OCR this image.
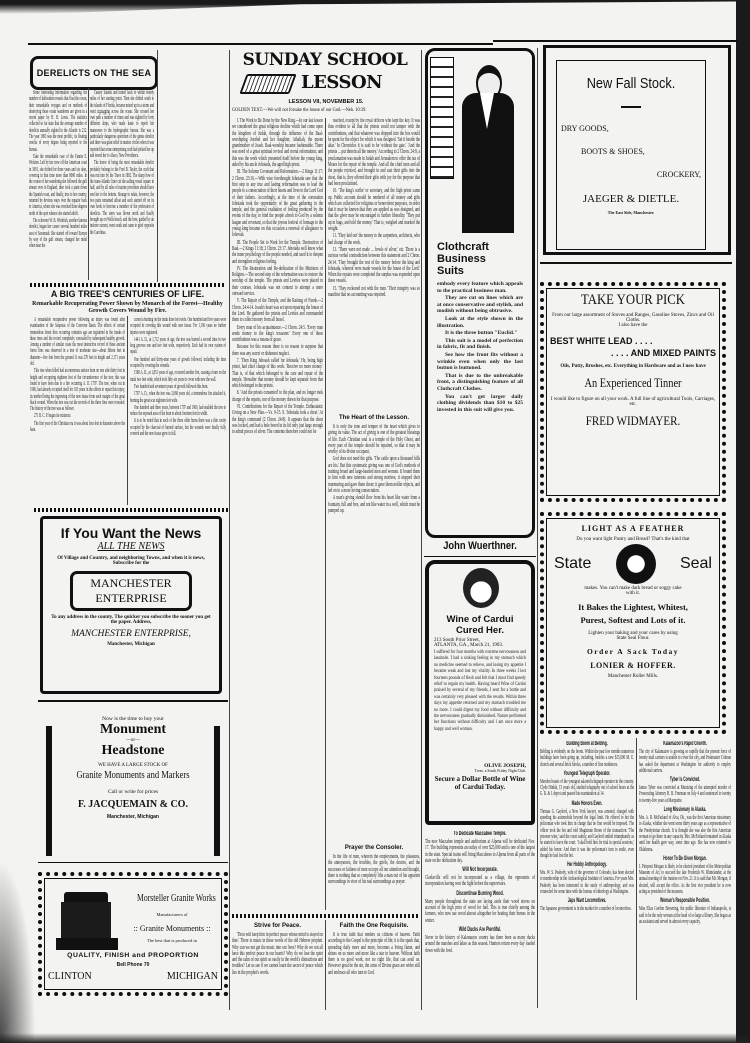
DERELICTS ON THE SEA

Some interesting information regarding the number of halfsunken vessels that float the ocean, their remarkable voyages and on methods of destroying these ocean wanderers are given in a recent paper by H. H. Lewis. The statistics collected so far state that the average number of derelicts annually sighted in the Atlantic is 232. The year 1893 was the most prolific, its floating wrecks of every degree being reported to the bureau.

Take the remarkable case of the Fannie E. Wolston. Left by her crew off the American coast in 1891, she drifted for three years and six days, covering in that time more than 8000 miles. In the course of her wandering she followed the gulf stream over to England, then took a jaunt down the Spanish coast, and finally, true to her country, returned by devious ways over the equator back to America, where she was wrecked three degrees north of the spot whence she started adrift.

The schooner W. B. Wimbish, another famous derelict, began her career several hundred miles east of Savannah. She started off toward Europe by way of the gulf stream, changed her mind when near the

Canary Islands and turned back to within twenty miles of her starting point. Then she drifted south to the islands of Florida, became mixed up in a storm and went zigzagging across the ocean. She crossed her own path a number of times and was sighted by forty different ships, who made haste to report her maneuvers to the hydrographic bureau. She was a particularly dangerous specimen of the genus derelict and there was great relief in marine circles when it was reported that some enterprising craft had picked her up and towed her to Ahaco, New Providence.

The honor of being the most remarkable derelict probably belongs to the Fred B. Taylor, the craft that was run into by the Trave in 1892. The sharp bow of the trans-Atlantic liner cut the sailing vessel square in half, and by all rules of marine procedure should have sent her to the bottom. Strange to relate, however, the two parts remained afloat and each started off on its own hook to become a member of the profession of derelicts. The stern was blown north and finally brought up on Wells beach, and the bow, guided by an inshore current, went south and came to grief opposite the Carolinas.

A BIG TREE'S CENTURIES OF LIFE.
Remarkable Recuperating Power Shown by Monarch of the Forest—Healthy Growth Covers Wound by Fire.

A remarkable recuperative power following an injury was found after examination of the Sequoias of the Converse Basin. The effects of certain tremendous forest fires occurring centuries ago are registered in the trunks of these trees and the record completely concealed by subsequent healthy growth. Among a number of similar cases the most instructive record of these ancient forest fires was observed in a tree of moderate size—about fifteen feet in diameter—five feet from the ground. It was 270 feet in height and 2,171 years old.

This tree when felled had an enormous surface burn on one side thirty feet in height and occupying eighteen feet of the circumference of the tree; this was found to have been due to a fire occurring A. D. 1797. The tree, when cut in 1900, had already occupied itself for 103 years in the efforts to repair this injury, its method being the ingrowing of the new tissue from each margin of the great black wound. When the tree was cut the records of the three fires were revealed. The history of the tree was as follows:

271 B. C. P. began its existence.

The first year of the Christian era it was about four feet in diameter above the base.

curred a burning on the trunk three feet wide. One hundred and five years were occupied in covering this wound with new tissue. For 1,196 years no further injuries were registered.

1441 A. D., at 1,712 years of age, the tree was burned a second time in two long grooves one and two feet wide, respectively. Each had its own system of repair.

One hundred and thirty-nine years of growth followed, including the time occupied by covering the wounds.

1580 A. D., at 1,851 years of age, occurred another fire, causing a burn on the trunk two feet wide, which took fifty-six years to cover with new the wall.

Two hundred and seventeen years of growth followed this burn.

1797 A. D., when the tree was 2,068 years old, a tremendous fire attacked it, burning the great scar eighteen feet wide.

One hundred and three years, between 1797 and 1900, had enabled the tree to reduce the exposed area of the burn to about fourteen feet in width.

It is to be noted that in each of the three older burns there was a thin cavity occupied by the charcoal of burned surface, but the wounds were finally fully covered and the new tissue grew in full.

If You Want the News
ALL THE NEWS
Of Village and Country, and neighboring Towns, and when it is news,
Subscribe for the
MANCHESTER
ENTERPRISE
To any address in the county. The quicker you subscribe the sooner you get the paper. Address,
MANCHESTER ENTERPRISE,
Manchester, Michigan
Now is the time to buy your
Monument
—or—
Headstone
WE HAVE A LARGE STOCK OF
Granite Monuments and Markers
Call or write for prices
F. JACQUEMAIN & CO.
Manchester, Michigan
Morsteller Granite Works
Manufacturers of
:: Granite Monuments ::
The best that is produced in
QUALITY, FINISH and PROPORTION
Bell Phone 70
CLINTON	MICHIGAN
SUNDAY SCHOOL
LESSON
LESSON VII, NOVEMBER 15.
GOLDEN TEXT.—We will not forsake the house of our God.—Neh. 10:39.

I. The Work to Be Done by the New King.—In our last lesson we considered the great religious decline which had come upon the kingdom of Judah, through the influence of the Baal-worshiping Jezebel and her daughter, Athaliah, the queen grandmother of Joash. Baal-worship became fashionable. There was need of a great spiritual revival and moral reformation; and this was the work which presented itself before the young king, aided by his uncle Jehoiada, the aged high priest.

III. The Solemn Covenant and Reformation.—2 Kings 11:17; 2 Chron. 23:16.—With wise forethought Jehoiada saw that the first step to any true and lasting reformation was to lead the people to a consecration of their hearts and lives to the Lord God of their fathers. Accordingly, at the time of the coronation Jehoiada took the opportunity of the great gathering in the temple, and the general exaltation of feeling produced by the events of the day, to bind the people afresh to God by a solemn league and covenant, so that the joyous festival of homage to the young king became on this occasion a renewal of allegiance to Jehovah.

III. The People Set to Work for the Temple. Destruction of Baal.—2 Kings 11:18; 2 Chron. 23:17. Jehoiada well knew what the inner psychology of the people needed, and used it to deepen and strengthen religious feeling.

IV. The Restoration and Re-dedication of the Ministers of Religion.—The second step of the reformation was to restore the worship of the temple. The priests and Levites were placed in their courses. Jehoiada was not content to attempt a mere outward service.

V. The Repair of the Temple, and the Raising of Funds.—2 Chron. 24:4-14. Joash's heart was set upon repairing the house of the Lord. He gathered the priests and Levites and commanded them to collect money from all Israel.

Every man of his acquaintance.—2 Chron. 24:5. 'Every man sends money to the king's treasurer.' Every one of these contributions was a means of grace.

Because for this reason there is no reason to suppose that there was any secret or dishonest neglect.

7. 'Then King Jehoash called for Jehoiada.' He, being high priest, had chief charge of this work. 'Receive no more money.' That is, of that which belonged to the care and repair of the temple. Hereafter that money should be kept separate from that which belonged to the priests.

8. 'And the priests consented' to the plan, and no longer took charge of the repairs, nor of the money drawn for that purpose.

VI. Contributions for the Repair of the Temple. Enthusiastic Giving on a New Plan.—Vs. 9-15. 9. 'Jehoiada took a chest.' At the king's command (2 Chron. 24:8). It appears that the chest was locked, and had a hole bored in its lid only just large enough to admit pieces of silver. The contents therefore could not be

reached, except by the royal officers who kept the key. It was thus evident to all that the priests could not tamper with the contributions, and that whatever was dropped into the box would be spent for the object for which it was designed. 'Set it beside the altar.' In Chronicles it is said to be 'without the gate.' 'And the priests ... put therein all the money.' According to 2 Chron. 24:9, a proclamation was made in Judah and Jerusalem to offer the tax of Moses for the repair of the temple. And all the chief men and all the people rejoiced, and brought in and cast their gifts into the chest, that is, they offered their gifts with joy for the purpose that had been proclaimed.

10. 'The king's scribe' or secretary, and the high priest came up. Public account should be rendered of all money and gifts which are collected for religious or benevolent purposes, in order that it may be known that they are applied as was designed, and that the giver may be encouraged to further liberality. 'They put up in bags, and told the money.' That is, weighed and marked the weight.

11. 'They laid out' the money to the carpenters, architects, who had charge of the work.

13. 'There were not made ... bowls of silver,' etc. There is a curious verbal contradiction between this statement and 2 Chron. 24:14. 'They brought the rest of the money before the king and Jehoiada, whereof were made vessels for the house of the Lord.' When the repairs were completed the surplus was expended upon these vessels.

15. 'They reckoned not with the men.' Their integrity was so manifest that no accounting was required.

The Heart of the Lesson.

It is only the tone and temper of the heart which gives to giving its value. The act of giving is one of the greatest blessings of life. Each Christian soul is a temple of the Holy Ghost, and every part of the temple should be repaired, so that it may be worthy of its divine occupant.

God does not need the gifts. 'The cattle upon a thousand hills are his.' But this systematic giving was one of God's methods of training broad and large-hearted men and women. It bound them to him with new interests and strong motives; it stopped their murmuring and gave them cheer; it gave them nobler objects, and led on to a more loving consecration.

A man's giving should flow from his heart like water from a fountain, full and free, and not like water in a well, which must be pumped up.

Prayer the Consoler.
In the life of men, wherein the employments, the pleasures, the annoyances, the troubles, the griefs, the desires, and the successes or failures of men occupy all our attention and thought, there is nothing that so completely lifts a man out of his apparent surroundings in view of his real surroundings as prayer.
Strive for Peace.
'Thou wilt keep him in perfect peace whose mind is stayed on thee.' There is music in these words of the old Hebrew prophet. Why can we not get the music into our lives? Why do we not all have this perfect peace in our hearts? Why do we lose the quiet and the calm of our spirit so easily in the world's distractions and troubles? Let us see if we cannot learn the secret of peace which lies in the prophet's words.
Faith the One Requisite.
It is true faith that renders us citizens of heaven. Faith according to the Gospel is the principle of life; it is the spark that, spreading daily more and more, becomes a living flame, and shines on us more and more like a star in heaven. Without faith there is no good work, nor no right life, that can avail us. However great be the sin, the arms of Divine grace are wider still and embrace all who turn to God.
Clothcraft
Business
Suits

embody every feature which appeals to the practical business man.

They are cut on lines which are at once conservative and stylish, and modish without being obtrusive.

Look at the style shown in the illustration.

It is the three button "Euclid."

This suit is a model of perfection in fabric, fit and finish.

See how the front fits without a wrinkle even when only the last button is buttoned.

That is due to the unbreakable front, a distinguishing feature of all Clothcraft Clothes.

You can't get larger daily clothing dividends than $10 to $25 invested in this suit will give you.

John Wuerthner.
Wine of Cardui
Cured Her.
213 South Prior Street,
ATLANTA, GA., March 21, 1903.
I suffered for four months with extreme nervousness and lassitude. I had a sinking feeling in my stomach which no medicine seemed to relieve, and losing my appetite I became weak and lost my vitality. In three weeks I lost fourteen pounds of flesh and felt that I must find speedy relief to regain my health. Having heard Wine of Cardui praised by several of my friends, I sent for a bottle and was certainly very pleased with the results. Within three days my appetite returned and my stomach troubled me no more. I could digest my food without difficulty and the nervousness gradually diminished. Nature performed her functions without difficulty and I am once more a happy and well woman.
OLIVE JOSEPH,
Treas. a South Friday Night Club.
Secure a Dollar Bottle of Wine of Cardui Today.
To Dedicate Maccabee Temple.
The new Maccabee temple and auditorium at Alpena will be dedicated Nov. 17. The building represents an outlay of over $25,000 and is one of the largest in the state. Special trains will bring Maccabees to Alpena from all parts of the state on the dedication day.
Will Not Incorporate.
Clarksville will not be incorporated as a village, the opponents of incorporation having won the fight before the supervisors.
Discontinue Burning Wood.
Many people throughout the state are laying aside their wood stoves on account of the high price of wood for fuel. This is true chiefly among the farmers, who now use wood almost altogether for heating their homes in the winter.
Wild Ducks Are Plentiful.
Never in the history of Kalamazoo county has there been as many ducks around the marshes and lakes as this season. Hunters return every day loaded down with the fowl.
New Fall Stock.
DRY GOODS,
BOOTS & SHOES,
CROCKERY,
JAEGER & DIETLE.
The East Side, Manchester.
TAKE YOUR PICK
From our large assortment of Stoves and Ranges, Gasoline Stoves, Zincs and Oil Cloths.
I also have the
BEST WHITE LEAD . . . .
. . . . AND MIXED PAINTS
Oils, Putty, Brushes, etc. Everything in Hardware and as I now have
An Experienced Tinner
I would like to figure on all your work. A full line of agricultural Tools, Carriages, etc.
FRED WIDMAYER.
LIGHT AS A FEATHER
Do you want light Pastry and Bread? That's the kind that
State	Seal
makes. You can't make dark bread or soggy cake with it.
It Bakes the Lightest, Whitest,
Purest, Softest and Lots of it.
Lighten your baking and your cares by using State Seal Flour.
Order A Sack Today
LONIER & HOFFER.
Manchester Roller Mills.
Building Boom at Belding.
Belding is evidently on the boom. Within the past few months numerous buildings have been going up, including, besides a new $15,000 M. E. church and several brick blocks, a number of fine residences.
Youngest Telegraph Operator.
Mendon boasts of the youngest salaried telegraph operator in the country. Clyde Hinkle, 15 years old, studied telegraphy out of school hours at the G. R. & I. depot and passed his examination at 14.
Made Honors Even.
Thomas G. Gaylord, a New York lawyer, was arrested, charged with speeding his automobile beyond the legal limit. He offered to bet the policeman who took him in charge that no fine would be imposed. The officer took the bet and told Magistrate Breen of the transaction. 'The prisoner wins,' said the court calmly, and Gaylord smiled triumphantly as he started to leave the court. 'I shall hold him for trial in special sessions,' added his honor. And then it was the policeman's turn to smile, even though he had lost the bet.
Her Hobby Anthropology.
Mrs. W. S. Peabody, wife of the governor of Colorado, has been elected to membership in the Archaeological Institute of America. For years Mrs. Peabody has been interested in the study of anthropology, and was connected for some time with the bureau of ethnology at Washington.
Japs Want Locomotives.
The Japanese government is in the market for a number of locomotives.
Kalamazoo's Rapid Growth.
The city of Kalamazoo is growing so rapidly that the present force of twenty mail carriers is unable to cover the city, and Postmaster Colman has asked the department at Washington for authority to employ additional carriers.
Tyber Is Convicted.
James Tyber was convicted at Munising of the attempted murder of Prosecuting Attorney H. B. Freeman on July 4 and sentenced to twenty to twenty-five years at Marquette.
Long Missionary in Alaska.
Mrs. A. R. McFarland of Alva, Ok., was the first American missionary to Alaska, whither she went some thirty years ago as a representative of the Presbyterian church. It is thought she was also the first American woman to go there in any capacity. Mrs. McFarland remained in Alaska until her health gave way, some time ago. She has now returned to Oklahoma.
Honor To Be Given Morgan.
J. Pierpont Morgan is likely to be elected president of the Metropolitan Museum of Art, to succeed the late Frederick W. Rhinelander, at the annual meeting of the trustees on Nov. 21. It is said that Mr. Morgan, if elected, will accept the office. As the first vice president he is now acting as president of the museum.
Woman's Responsible Position.
Miss Eliza Gordon Browning, the public librarian of Indianapolis, is said to be the only woman at the head of so large a library. She began as an assistant and served in almost every capacity.
